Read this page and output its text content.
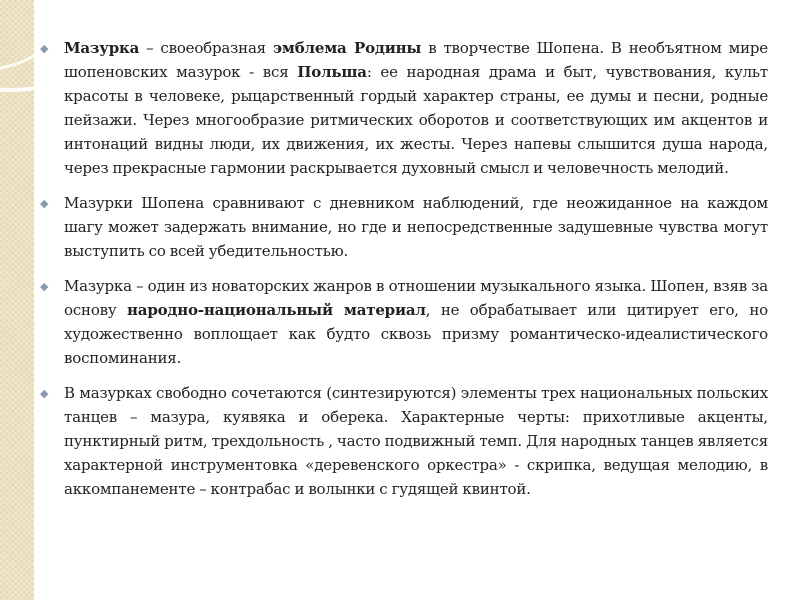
◆ Мазурка – своеобразная эмблема Родины в творчестве Шопена. В необъятном мире шопеновских мазурок - вся Польша: ее народная драма и быт, чувствования, культ красоты в человеке, рыцарственный гордый характер страны, ее думы и песни, родные пейзажи. Через многообразие ритмических оборотов и соответствующих им акцентов и интонаций видны люди, их движения, их жесты. Через напевы слышится душа народа, через прекрасные гармонии раскрывается духовный смысл и человечность мелодий.
◆ Мазурки Шопена сравнивают с дневником наблюдений, где неожиданное на каждом шагу может задержать внимание, но где и непосредственные задушевные чувства могут выступить со всей убедительностью.
◆ Мазурка – один из новаторских жанров в отношении музыкального языка. Шопен, взяв за основу народно-национальный материал, не обрабатывает или цитирует его, но художественно воплощает как будто сквозь призму романтическо-идеалистического воспоминания.
◆ В мазурках свободно сочетаются (синтезируются) элементы трех национальных польских танцев – мазура, куявяка и оберека. Характерные черты: прихотливые акценты, пунктирный ритм, трехдольность , часто подвижный темп. Для народных танцев является характерной инструментовка «деревенского оркестра» - скрипка, ведущая мелодию, в аккомпанементе – контрабас и волынки с гудящей квинтой.
